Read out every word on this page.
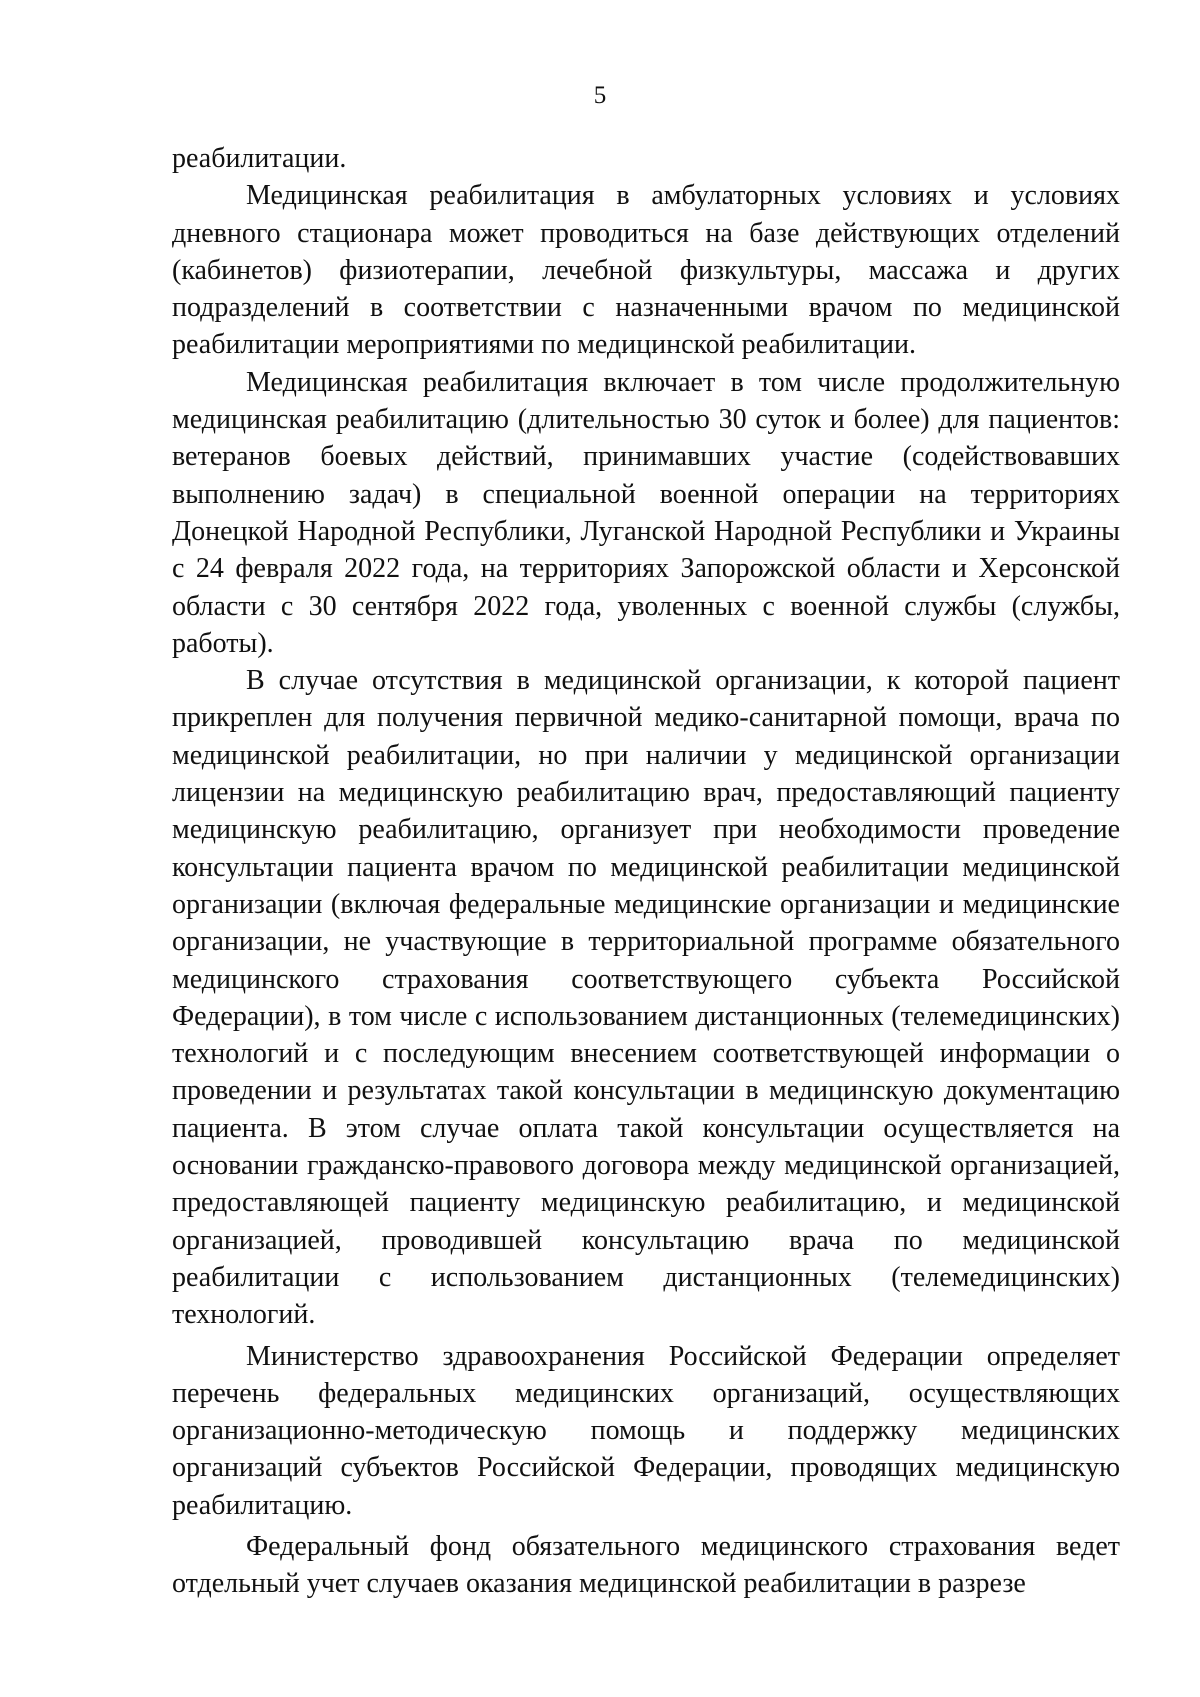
5

реабилитации.

Медицинская реабилитация в амбулаторных условиях и условиях дневного стационара может проводиться на базе действующих отделений (кабинетов) физиотерапии, лечебной физкультуры, массажа и других подразделений в соответствии с назначенными врачом по медицинской реабилитации мероприятиями по медицинской реабилитации.

Медицинская реабилитация включает в том числе продолжительную медицинская реабилитацию (длительностью 30 суток и более) для пациентов: ветеранов боевых действий, принимавших участие (содействовавших выполнению задач) в специальной военной операции на территориях Донецкой Народной Республики, Луганской Народной Республики и Украины с 24 февраля 2022 года, на территориях Запорожской области и Херсонской области с 30 сентября 2022 года, уволенных с военной службы (службы, работы).

В случае отсутствия в медицинской организации, к которой пациент прикреплен для получения первичной медико-санитарной помощи, врача по медицинской реабилитации, но при наличии у медицинской организации лицензии на медицинскую реабилитацию врач, предоставляющий пациенту медицинскую реабилитацию, организует при необходимости проведение консультации пациента врачом по медицинской реабилитации медицинской организации (включая федеральные медицинские организации и медицинские организации, не участвующие в территориальной программе обязательного медицинского страхования соответствующего субъекта Российской Федерации), в том числе с использованием дистанционных (телемедицинских) технологий и с последующим внесением соответствующей информации о проведении и результатах такой консультации в медицинскую документацию пациента. В этом случае оплата такой консультации осуществляется на основании гражданско-правового договора между медицинской организацией, предоставляющей пациенту медицинскую реабилитацию, и медицинской организацией, проводившей консультацию врача по медицинской реабилитации с использованием дистанционных (телемедицинских) технологий.

Министерство здравоохранения Российской Федерации определяет перечень федеральных медицинских организаций, осуществляющих организационно-методическую помощь и поддержку медицинских организаций субъектов Российской Федерации, проводящих медицинскую реабилитацию.

Федеральный фонд обязательного медицинского страхования ведет отдельный учет случаев оказания медицинской реабилитации в разрезе
